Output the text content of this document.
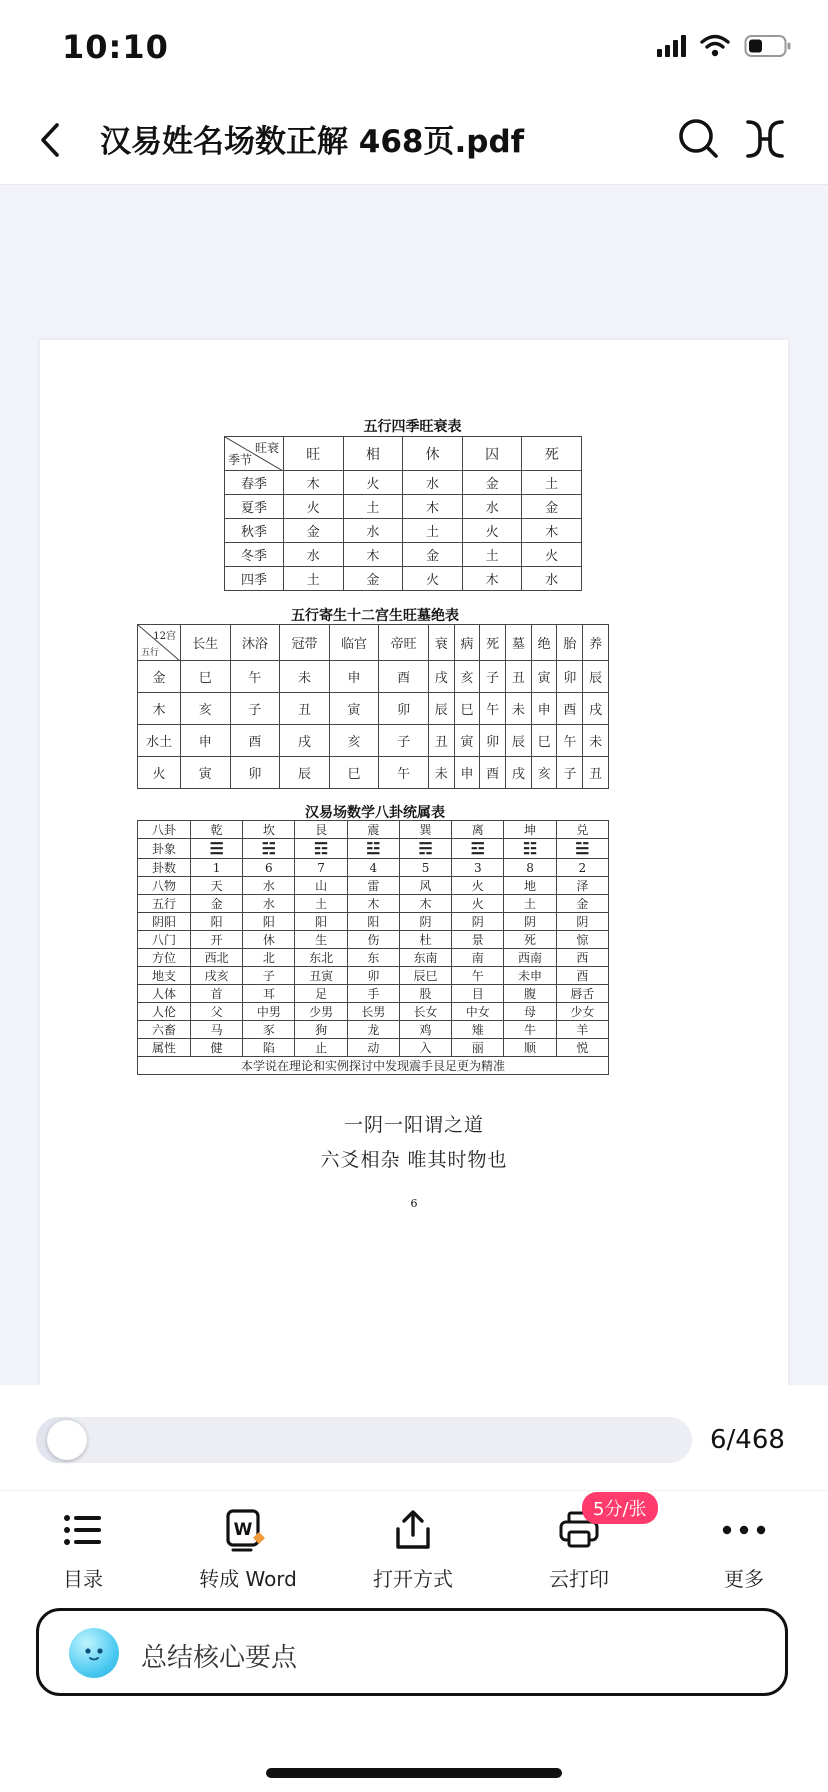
10:10
汉易姓名场数正解 468页.pdf
五行四季旺衰表
旺衰
季节	旺	相	休	囚	死
春季	木	火	水	金	土
夏季	火	土	木	水	金
秋季	金	水	土	火	木
冬季	水	木	金	土	火
四季	土	金	火	木	水
五行寄生十二宫生旺墓绝表
12宫
五行	长生	沐浴	冠带	临官	帝旺	衰	病	死	墓	绝	胎	养
金	巳	午	未	申	酉	戌	亥	子	丑	寅	卯	辰
木	亥	子	丑	寅	卯	辰	巳	午	未	申	酉	戌
水土	申	酉	戌	亥	子	丑	寅	卯	辰	巳	午	未
火	寅	卯	辰	巳	午	未	申	酉	戌	亥	子	丑
汉易场数学八卦统属表
八卦	乾	坎	艮	震	巽	离	坤	兑
卦象	☰	☵	☶	☳	☴	☲	☷	☱
卦数	1	6	7	4	5	3	8	2
八物	天	水	山	雷	风	火	地	泽
五行	金	水	土	木	木	火	土	金
阴阳	阳	阳	阳	阳	阴	阴	阴	阴
八门	开	休	生	伤	杜	景	死	惊
方位	西北	北	东北	东	东南	南	西南	西
地支	戌亥	子	丑寅	卯	辰巳	午	未申	酉
人体	首	耳	足	手	股	目	腹	唇舌
人伦	父	中男	少男	长男	长女	中女	母	少女
六畜	马	豕	狗	龙	鸡	雉	牛	羊
属性	健	陷	止	动	入	丽	顺	悦
本学说在理论和实例探讨中发现震手艮足更为精准								
一阴一阳谓之道
六爻相杂 唯其时物也
6
6/468
目录
W
转成 Word	打开方式	云打印	更多
5分/张
总结核心要点
